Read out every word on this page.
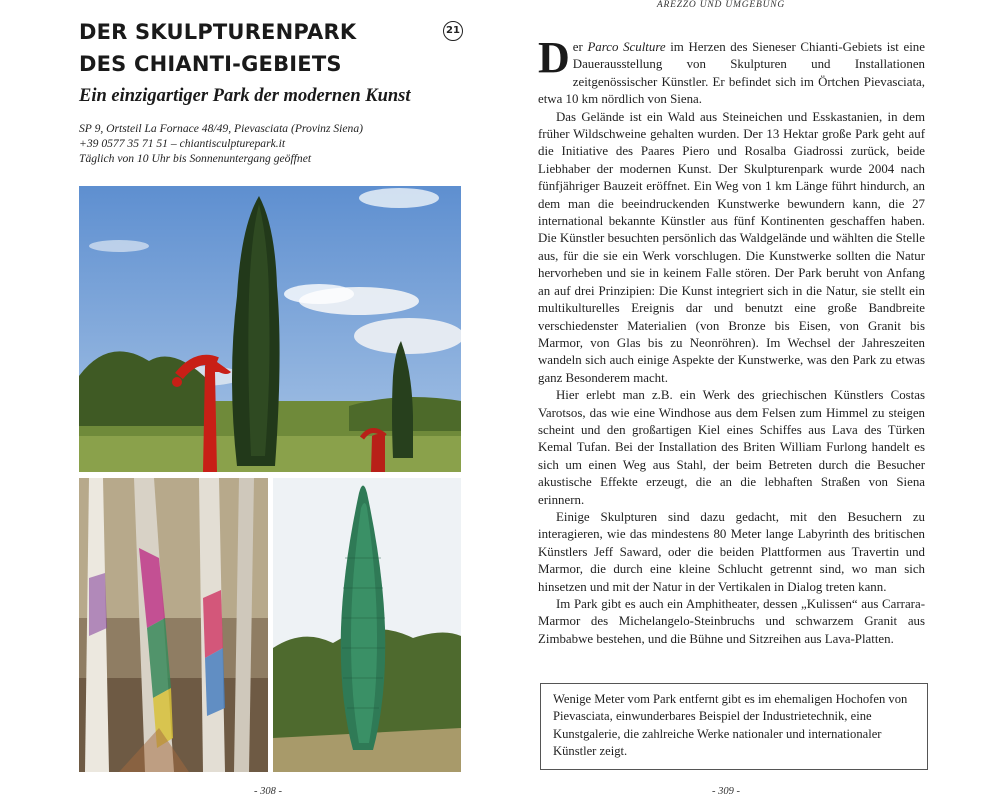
AREZZO UND UMGEBUNG
DER SKULPTURENPARK
DES CHIANTI-GEBIETS
21
Ein einzigartiger Park der modernen Kunst
SP 9, Ortsteil La Fornace 48/49, Pievasciata (Provinz Siena)
+39 0577 35 71 51 – chiantisculpturepark.it
Täglich von 10 Uhr bis Sonnenuntergang geöffnet
- 308 -

Der Parco Sculture im Herzen des Sieneser Chianti-Gebiets ist eine Dauerausstellung von Skulpturen und Installationen zeitgenössischer Künstler. Er befindet sich im Örtchen Pievasciata, etwa 10 km nördlich von Siena.

Das Gelände ist ein Wald aus Steineichen und Esskastanien, in dem früher Wildschweine gehalten wurden. Der 13 Hektar große Park geht auf die Initiative des Paares Piero und Rosalba Giadrossi zurück, beide Liebhaber der modernen Kunst. Der Skulpturenpark wurde 2004 nach fünfjähriger Bauzeit eröffnet. Ein Weg von 1 km Länge führt hindurch, an dem man die beeindruckenden Kunstwerke bewundern kann, die 27 international bekannte Künstler aus fünf Kontinenten geschaffen haben. Die Künstler besuchten persönlich das Waldgelände und wählten die Stelle aus, für die sie ein Werk vorschlugen. Die Kunstwerke sollten die Natur hervorheben und sie in keinem Falle stören. Der Park beruht von Anfang an auf drei Prinzipien: Die Kunst integriert sich in die Natur, sie stellt ein multikulturelles Ereignis dar und benutzt eine große Bandbreite verschiedenster Materialien (von Bronze bis Eisen, von Granit bis Marmor, von Glas bis zu Neonröhren). Im Wechsel der Jahreszeiten wandeln sich auch einige Aspekte der Kunstwerke, was den Park zu etwas ganz Besonderem macht.

Hier erlebt man z.B. ein Werk des griechischen Künstlers Costas Varotsos, das wie eine Windhose aus dem Felsen zum Himmel zu steigen scheint und den großartigen Kiel eines Schiffes aus Lava des Türken Kemal Tufan. Bei der Installation des Briten William Furlong handelt es sich um einen Weg aus Stahl, der beim Betreten durch die Besucher akustische Effekte erzeugt, die an die lebhaften Straßen von Siena erinnern.

Einige Skulpturen sind dazu gedacht, mit den Besuchern zu interagieren, wie das mindestens 80 Meter lange Labyrinth des britischen Künstlers Jeff Saward, oder die beiden Plattformen aus Travertin und Marmor, die durch eine kleine Schlucht getrennt sind, wo man sich hinsetzen und mit der Natur in der Vertikalen in Dialog treten kann.

Im Park gibt es auch ein Amphitheater, dessen „Kulissen“ aus Carrara-Marmor des Michelangelo-Steinbruchs und schwarzem Granit aus Zimbabwe bestehen, und die Bühne und Sitzreihen aus Lava-Platten.

Wenige Meter vom Park entfernt gibt es im ehemaligen Hochofen von Pievasciata, einwunderbares Beispiel der Industrietechnik, eine Kunstgalerie, die zahlreiche Werke nationaler und internationaler Künstler zeigt.
- 309 -
